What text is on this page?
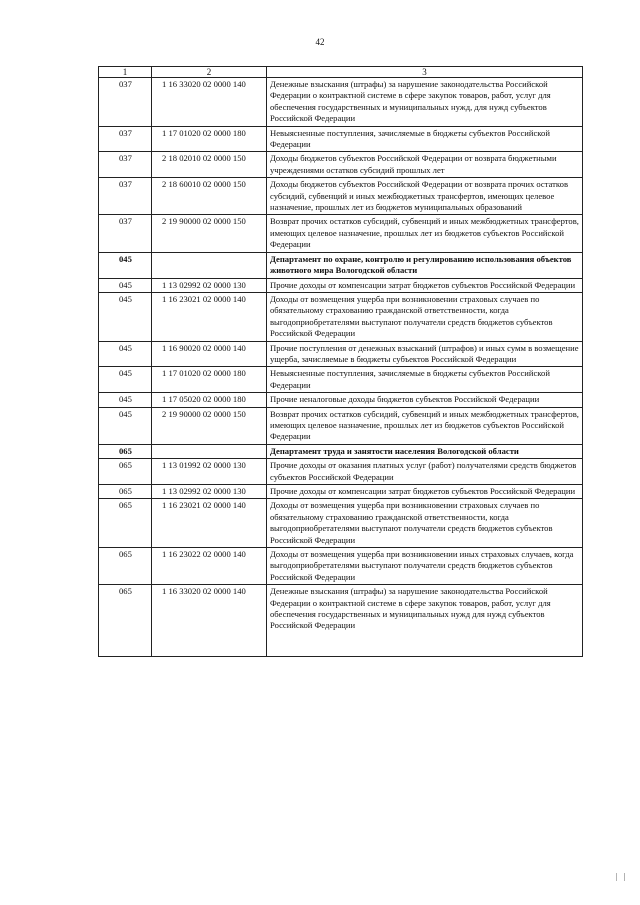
42
1	2	3
037	1 16 33020 02 0000 140	Денежные взыскания (штрафы) за нарушение законодательства Российской Федерации о контрактной системе в сфере закупок товаров, работ, услуг для обеспечения государственных и муниципальных нужд, для нужд субъектов Российской Федерации
037	1 17 01020 02 0000 180	Невыясненные поступления, зачисляемые в бюджеты субъектов Российской Федерации
037	2 18 02010 02 0000 150	Доходы бюджетов субъектов Российской Федерации от возврата бюджетными учреждениями остатков субсидий прошлых лет
037	2 18 60010 02 0000 150	Доходы бюджетов субъектов Российской Федерации от возврата прочих остатков субсидий, субвенций и иных межбюджетных трансфертов, имеющих целевое назначение, прошлых лет из бюджетов муниципальных образований
037	2 19 90000 02 0000 150	Возврат прочих остатков субсидий, субвенций и иных межбюджетных трансфертов, имеющих целевое назначение, прошлых лет из бюджетов субъектов Российской Федерации
045		Департамент по охране, контролю и регулированию использования объектов животного мира Вологодской области
045	1 13 02992 02 0000 130	Прочие доходы от компенсации затрат бюджетов субъектов Российской Федерации
045	1 16 23021 02 0000 140	Доходы от возмещения ущерба при возникновении страховых случаев по обязательному страхованию гражданской ответственности, когда выгодоприобретателями выступают получатели средств бюджетов субъектов Российской Федерации
045	1 16 90020 02 0000 140	Прочие поступления от денежных взысканий (штрафов) и иных сумм в возмещение ущерба, зачисляемые в бюджеты субъектов Российской Федерации
045	1 17 01020 02 0000 180	Невыясненные поступления, зачисляемые в бюджеты субъектов Российской Федерации
045	1 17 05020 02 0000 180	Прочие неналоговые доходы бюджетов субъектов Российской Федерации
045	2 19 90000 02 0000 150	Возврат прочих остатков субсидий, субвенций и иных межбюджетных трансфертов, имеющих целевое назначение, прошлых лет из бюджетов субъектов Российской Федерации
065		Департамент труда и занятости населения Вологодской области
065	1 13 01992 02 0000 130	Прочие доходы от оказания платных услуг (работ) получателями средств бюджетов субъектов Российской Федерации
065	1 13 02992 02 0000 130	Прочие доходы от компенсации затрат бюджетов субъектов Российской Федерации
065	1 16 23021 02 0000 140	Доходы от возмещения ущерба при возникновении страховых случаев по обязательному страхованию гражданской ответственности, когда выгодоприобретателями выступают получатели средств бюджетов субъектов Российской Федерации
065	1 16 23022 02 0000 140	Доходы от возмещения ущерба при возникновении иных страховых случаев, когда выгодоприобретателями выступают получатели средств бюджетов субъектов Российской Федерации
065	1 16 33020 02 0000 140	Денежные взыскания (штрафы) за нарушение законодательства Российской Федерации о контрактной системе в сфере закупок товаров, работ, услуг для обеспечения государственных и муниципальных нужд для нужд субъектов Российской Федерации
| |
